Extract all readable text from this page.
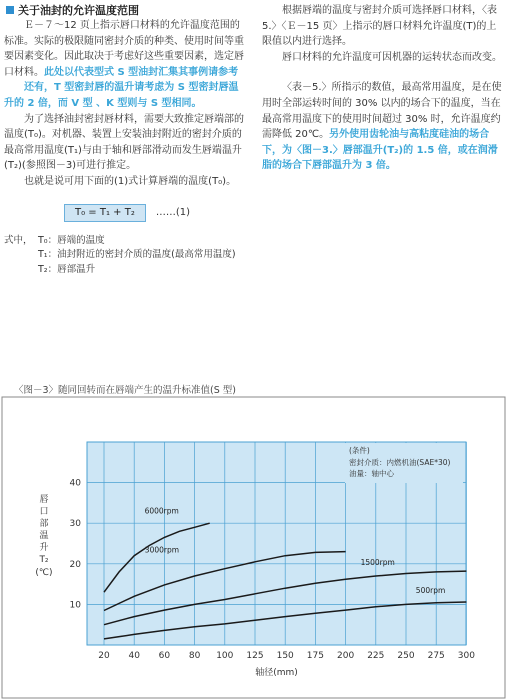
关于油封的允许温度范围

Ｅ－７～12 页上指示唇口材料的允许温度范围的标准。实际的极限随同密封介质的种类、使用时间等重要因素变化。因此取决于考虑好这些重要因素，选定唇口材料。此处以代表型式 S 型油封汇集其事例请参考

还有，T 型密封唇的温升请考虑为 S 型密封唇温升的 2 倍，而 V 型 、K 型则与 S 型相同。

为了选择油封密封唇材料，需要大致推定唇端部的温度(T₀)。对机器、装置上安装油封附近的密封介质的最高常用温度(T₁)与由于轴和唇部滑动而发生唇端温升(T₂)(参照图－3)可进行推定。

也就是说可用下面的(1)式计算唇端的温度(T₀)。

T₀ = T₁ + T₂ ……(1)
式中， T₀： 唇端的温度
T₁： 油封附近的密封介质的温度(最高常用温度)
T₂： 唇部温升

根据唇端的温度与密封介质可选择唇口材料，〈表 5.〉〈Ｅ－15 页〉上指示的唇口材料允许温度(T)的上限值以内进行选择。

唇口材料的允许温度可因机器的运转状态而改变。

〈表－5.〉所指示的数值，最高常用温度，是在使用时全部运转时间的 30% 以内的场合下的温度，当在最高常用温度下的使用时间超过 30% 时，允许温度约需降低 20℃。另外使用齿轮油与高粘度硅油的场合下，为〈图－3.〉唇部温升(T₂)的 1.5 倍，或在润滑脂的场合下唇部温升为 3 倍。

〈图－3〉随同回转而在唇端产生的温升标准值(S 型)
20 40 60 80 100 125 150 175 200 225 250 275 300
10
20
30
40
轴径(mm)
唇
口
部
温
升
T₂
(℃)
6000rpm
3000rpm
1500rpm
500rpm
(条件)
密封介质：内燃机油(SAE*30)
油量：轴中心
